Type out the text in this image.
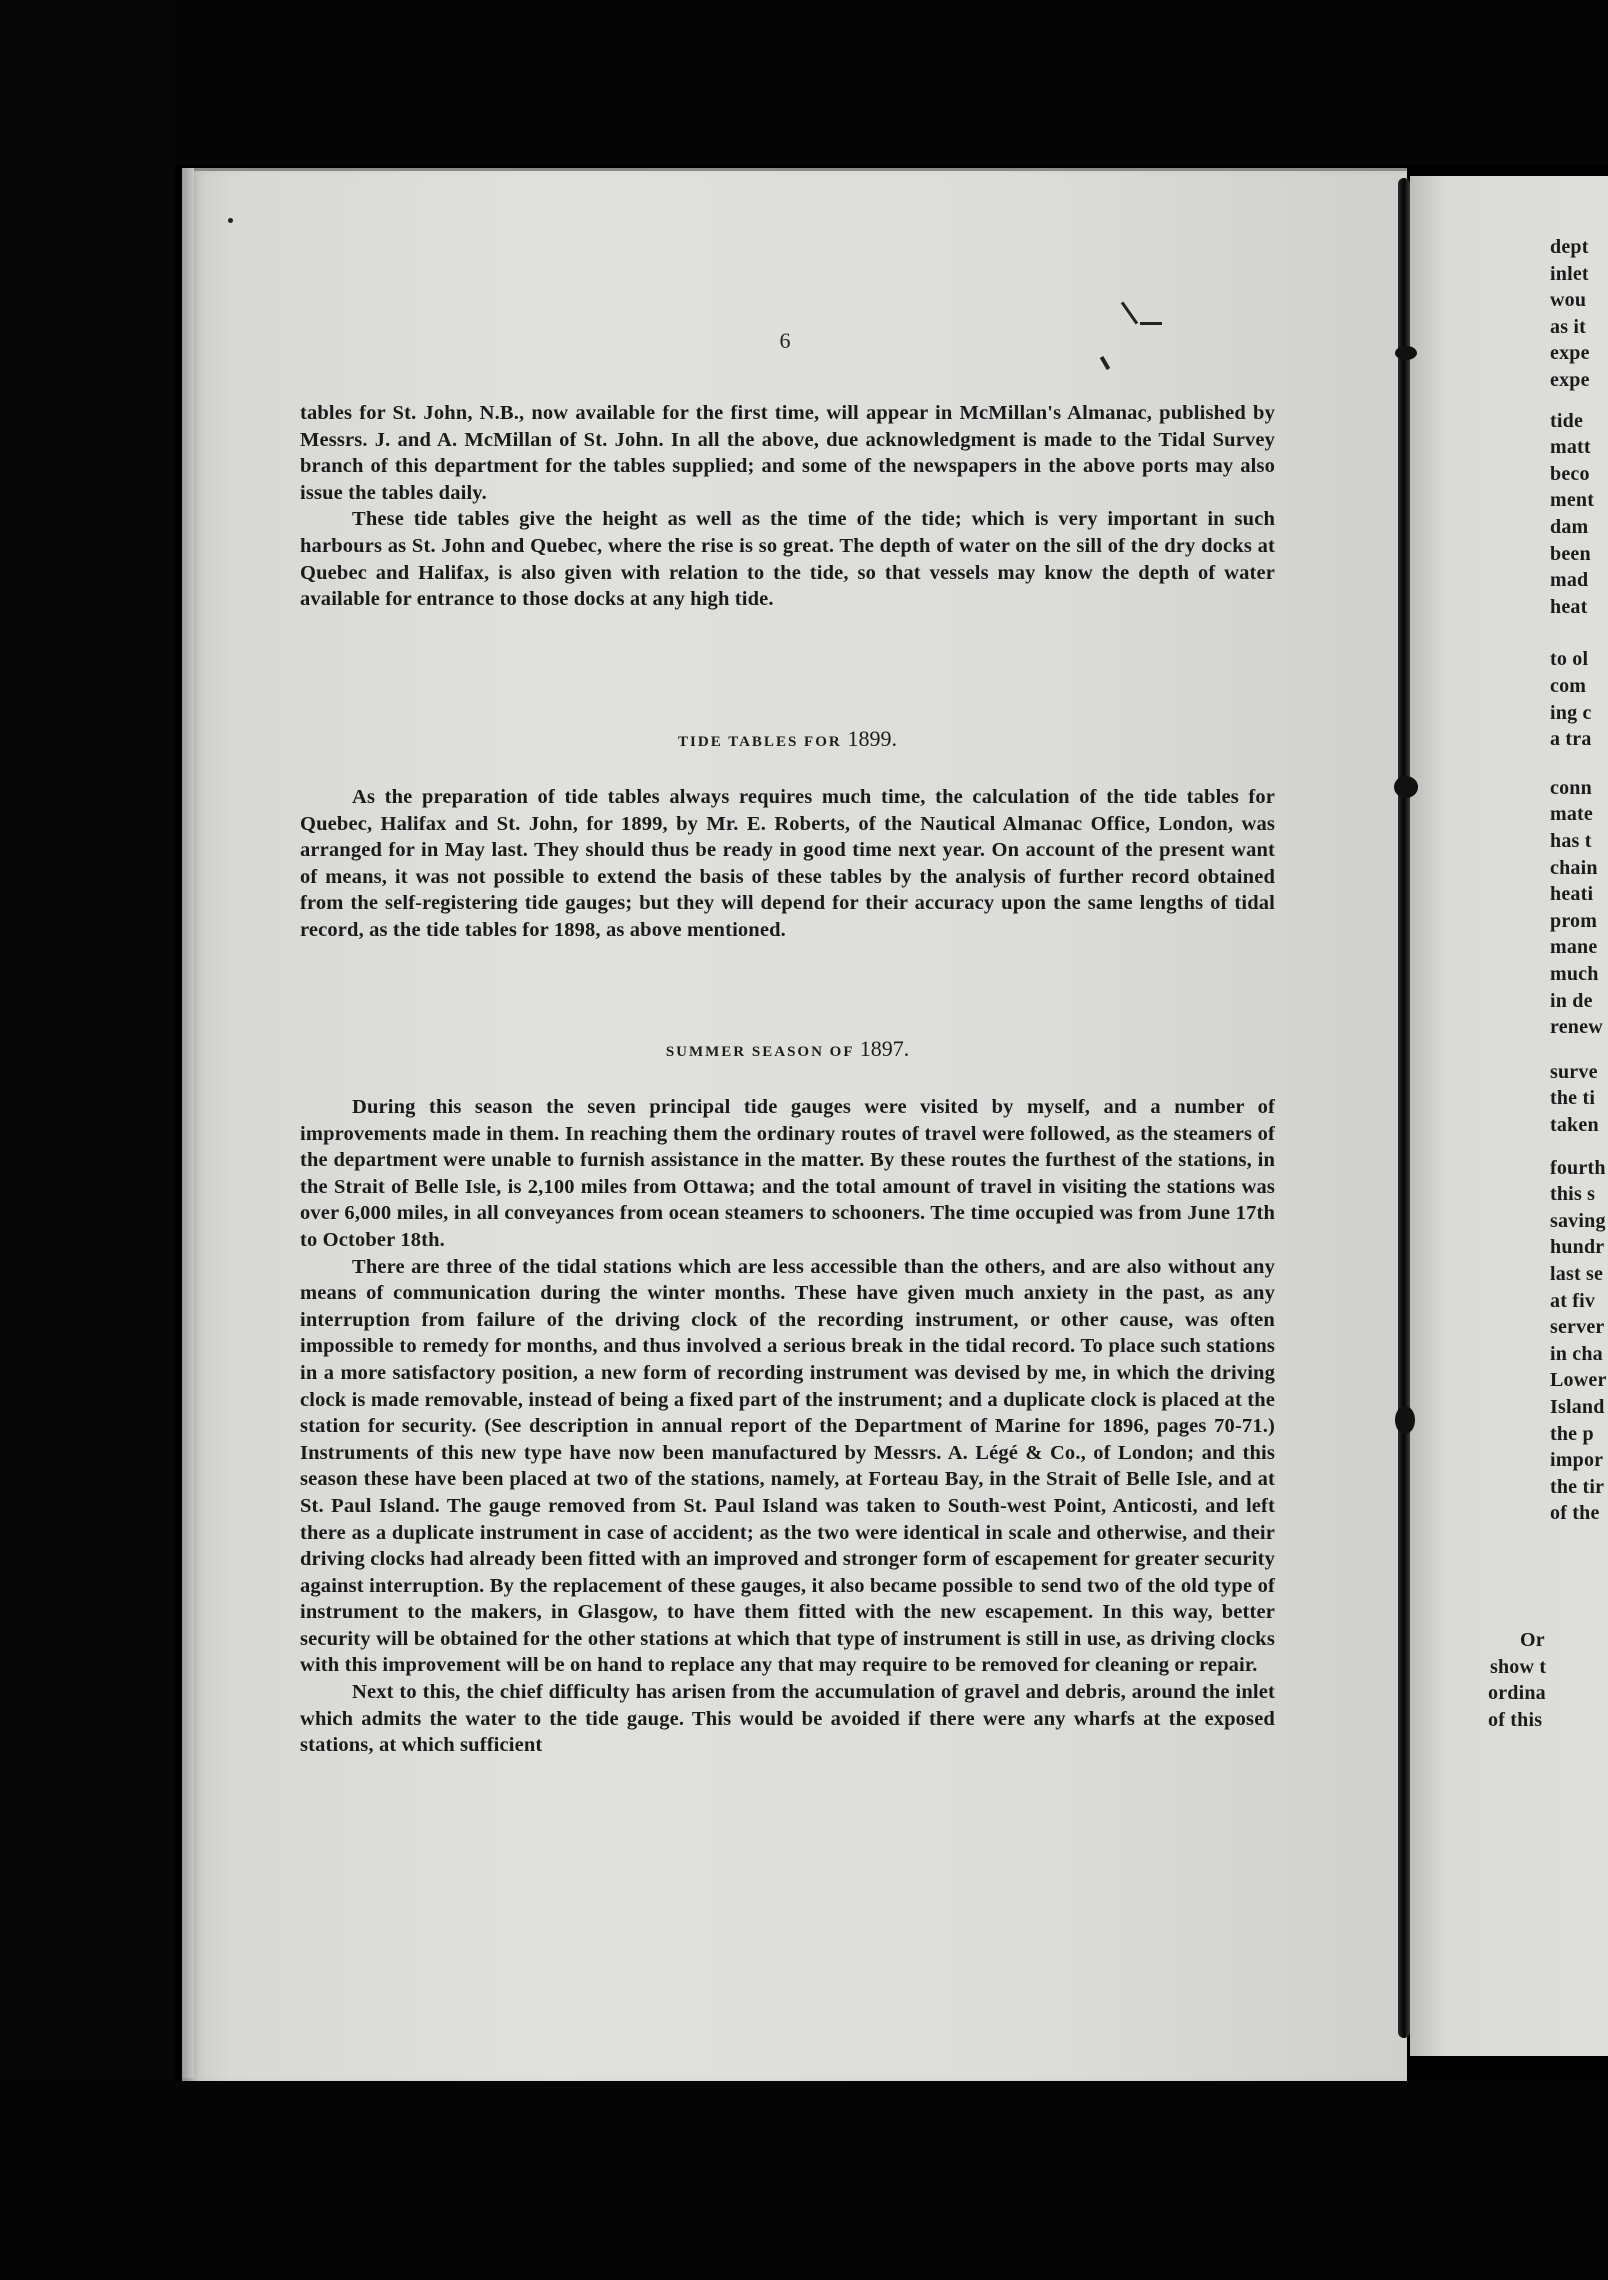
dept
inlet
wou
as it
expe
expe
tide
matt
beco
ment
dam
been
mad
heat
to ol
com
ing c
a tra
conn
mate
has t
chain
heati
prom
mane
much
in de
renew
surve
the ti
taken
fourth
this s
saving
hundr
last se
at fiv
server
in cha
Lower
Island
the p
impor
the tir
of the
Or
show t
ordina
of this
6

tables for St. John, N.B., now available for the first time, will appear in McMillan's Almanac, published by Messrs. J. and A. McMillan of St. John. In all the above, due acknowledgment is made to the Tidal Survey branch of this department for the tables supplied; and some of the newspapers in the above ports may also issue the tables daily.

These tide tables give the height as well as the time of the tide; which is very important in such harbours as St. John and Quebec, where the rise is so great. The depth of water on the sill of the dry docks at Quebec and Halifax, is also given with relation to the tide, so that vessels may know the depth of water available for entrance to those docks at any high tide.

TIDE TABLES FOR 1899.

As the preparation of tide tables always requires much time, the calculation of the tide tables for Quebec, Halifax and St. John, for 1899, by Mr. E. Roberts, of the Nautical Almanac Office, London, was arranged for in May last. They should thus be ready in good time next year. On account of the present want of means, it was not possible to extend the basis of these tables by the analysis of further record obtained from the self-registering tide gauges; but they will depend for their accuracy upon the same lengths of tidal record, as the tide tables for 1898, as above mentioned.

SUMMER SEASON OF 1897.

During this season the seven principal tide gauges were visited by myself, and a number of improvements made in them. In reaching them the ordinary routes of travel were followed, as the steamers of the department were unable to furnish assistance in the matter. By these routes the furthest of the stations, in the Strait of Belle Isle, is 2,100 miles from Ottawa; and the total amount of travel in visiting the stations was over 6,000 miles, in all conveyances from ocean steamers to schooners. The time occupied was from June 17th to October 18th.

There are three of the tidal stations which are less accessible than the others, and are also without any means of communication during the winter months. These have given much anxiety in the past, as any interruption from failure of the driving clock of the recording instrument, or other cause, was often impossible to remedy for months, and thus involved a serious break in the tidal record. To place such stations in a more satisfactory position, a new form of recording instrument was devised by me, in which the driving clock is made removable, instead of being a fixed part of the instrument; and a duplicate clock is placed at the station for security. (See description in annual report of the Department of Marine for 1896, pages 70-71.) Instruments of this new type have now been manufactured by Messrs. A. Légé & Co., of London; and this season these have been placed at two of the stations, namely, at Forteau Bay, in the Strait of Belle Isle, and at St. Paul Island. The gauge removed from St. Paul Island was taken to South-west Point, Anticosti, and left there as a duplicate instrument in case of accident; as the two were identical in scale and otherwise, and their driving clocks had already been fitted with an improved and stronger form of escapement for greater security against interruption. By the replacement of these gauges, it also became possible to send two of the old type of instrument to the makers, in Glasgow, to have them fitted with the new escapement. In this way, better security will be obtained for the other stations at which that type of instrument is still in use, as driving clocks with this improvement will be on hand to replace any that may require to be removed for cleaning or repair.

Next to this, the chief difficulty has arisen from the accumulation of gravel and debris, around the inlet which admits the water to the tide gauge. This would be avoided if there were any wharfs at the exposed stations, at which sufficient
